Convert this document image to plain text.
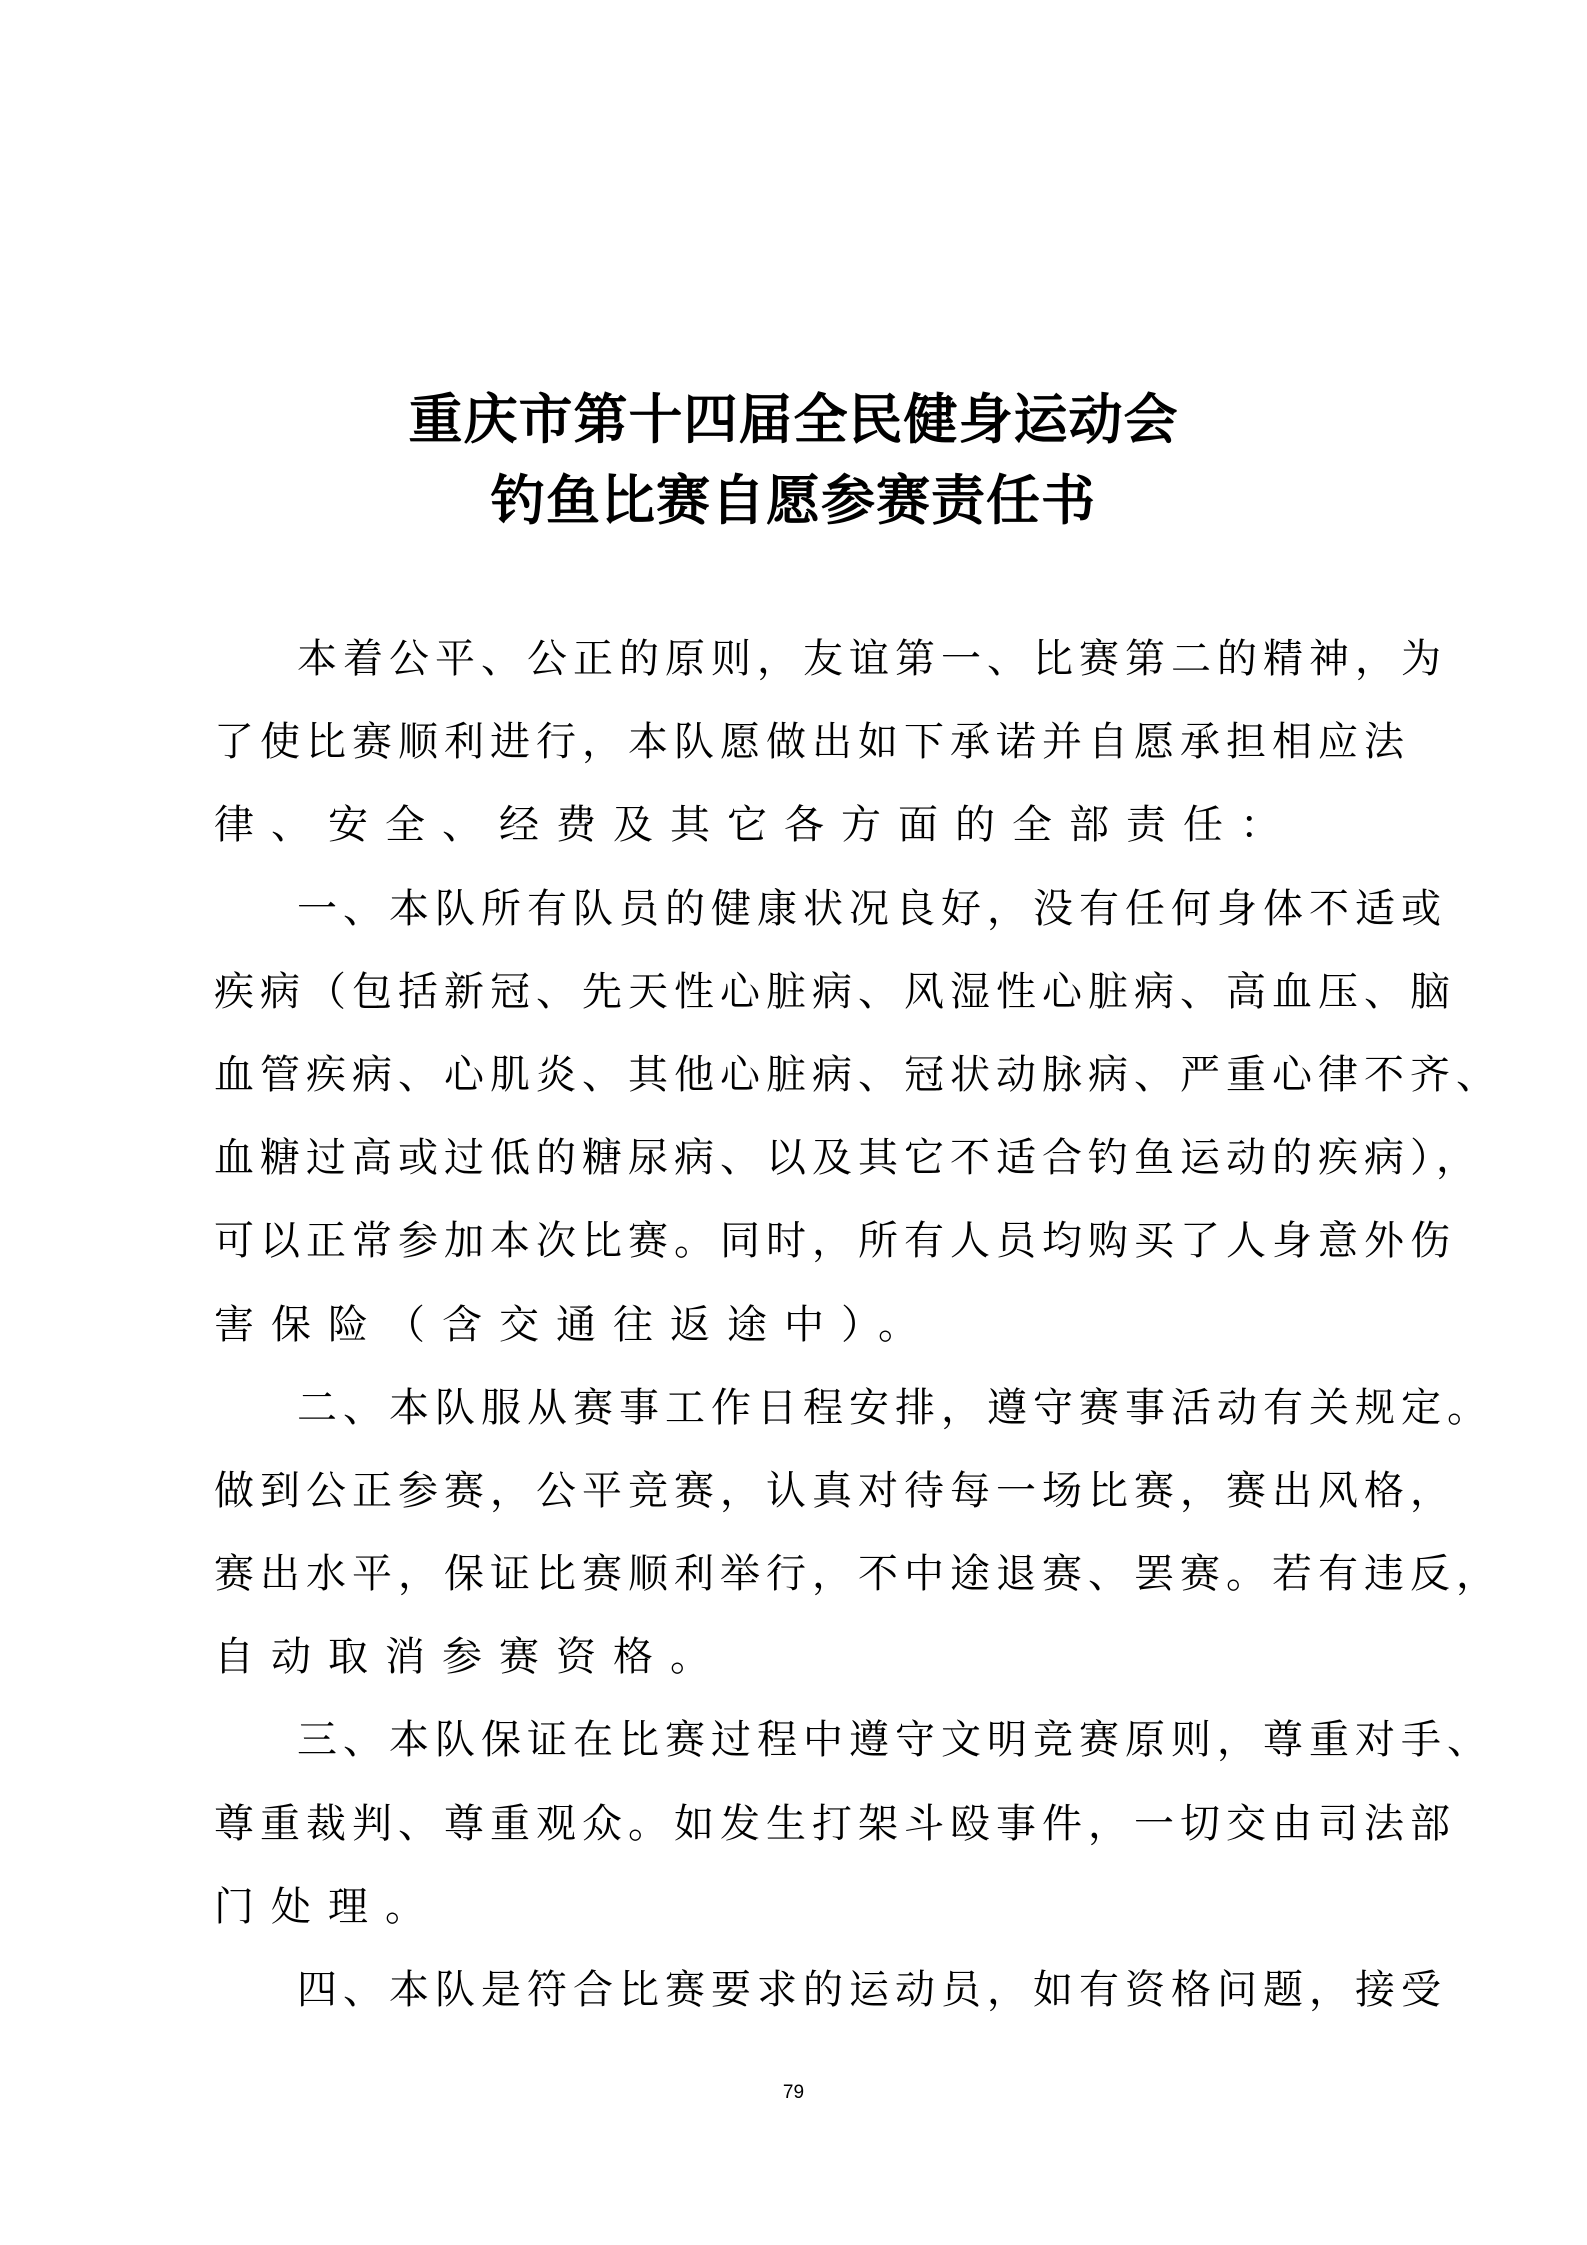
重庆市第十四届全民健身运动会
钓鱼比赛自愿参赛责任书
本着公平、公正的原则，友谊第一、比赛第二的精神，为
了使比赛顺利进行，本队愿做出如下承诺并自愿承担相应法
律、安全、经费及其它各方面的全部责任：
一、本队所有队员的健康状况良好，没有任何身体不适或
疾病（包括新冠、先天性心脏病、风湿性心脏病、高血压、脑
血管疾病、心肌炎、其他心脏病、冠状动脉病、严重心律不齐、
血糖过高或过低的糖尿病、以及其它不适合钓鱼运动的疾病），
可以正常参加本次比赛。同时，所有人员均购买了人身意外伤
害保险（含交通往返途中）。
二、本队服从赛事工作日程安排，遵守赛事活动有关规定。
做到公正参赛，公平竞赛，认真对待每一场比赛，赛出风格，
赛出水平，保证比赛顺利举行，不中途退赛、罢赛。若有违反，
自动取消参赛资格。
三、本队保证在比赛过程中遵守文明竞赛原则，尊重对手、
尊重裁判、尊重观众。如发生打架斗殴事件，一切交由司法部
门处理。
四、本队是符合比赛要求的运动员，如有资格问题，接受
79
